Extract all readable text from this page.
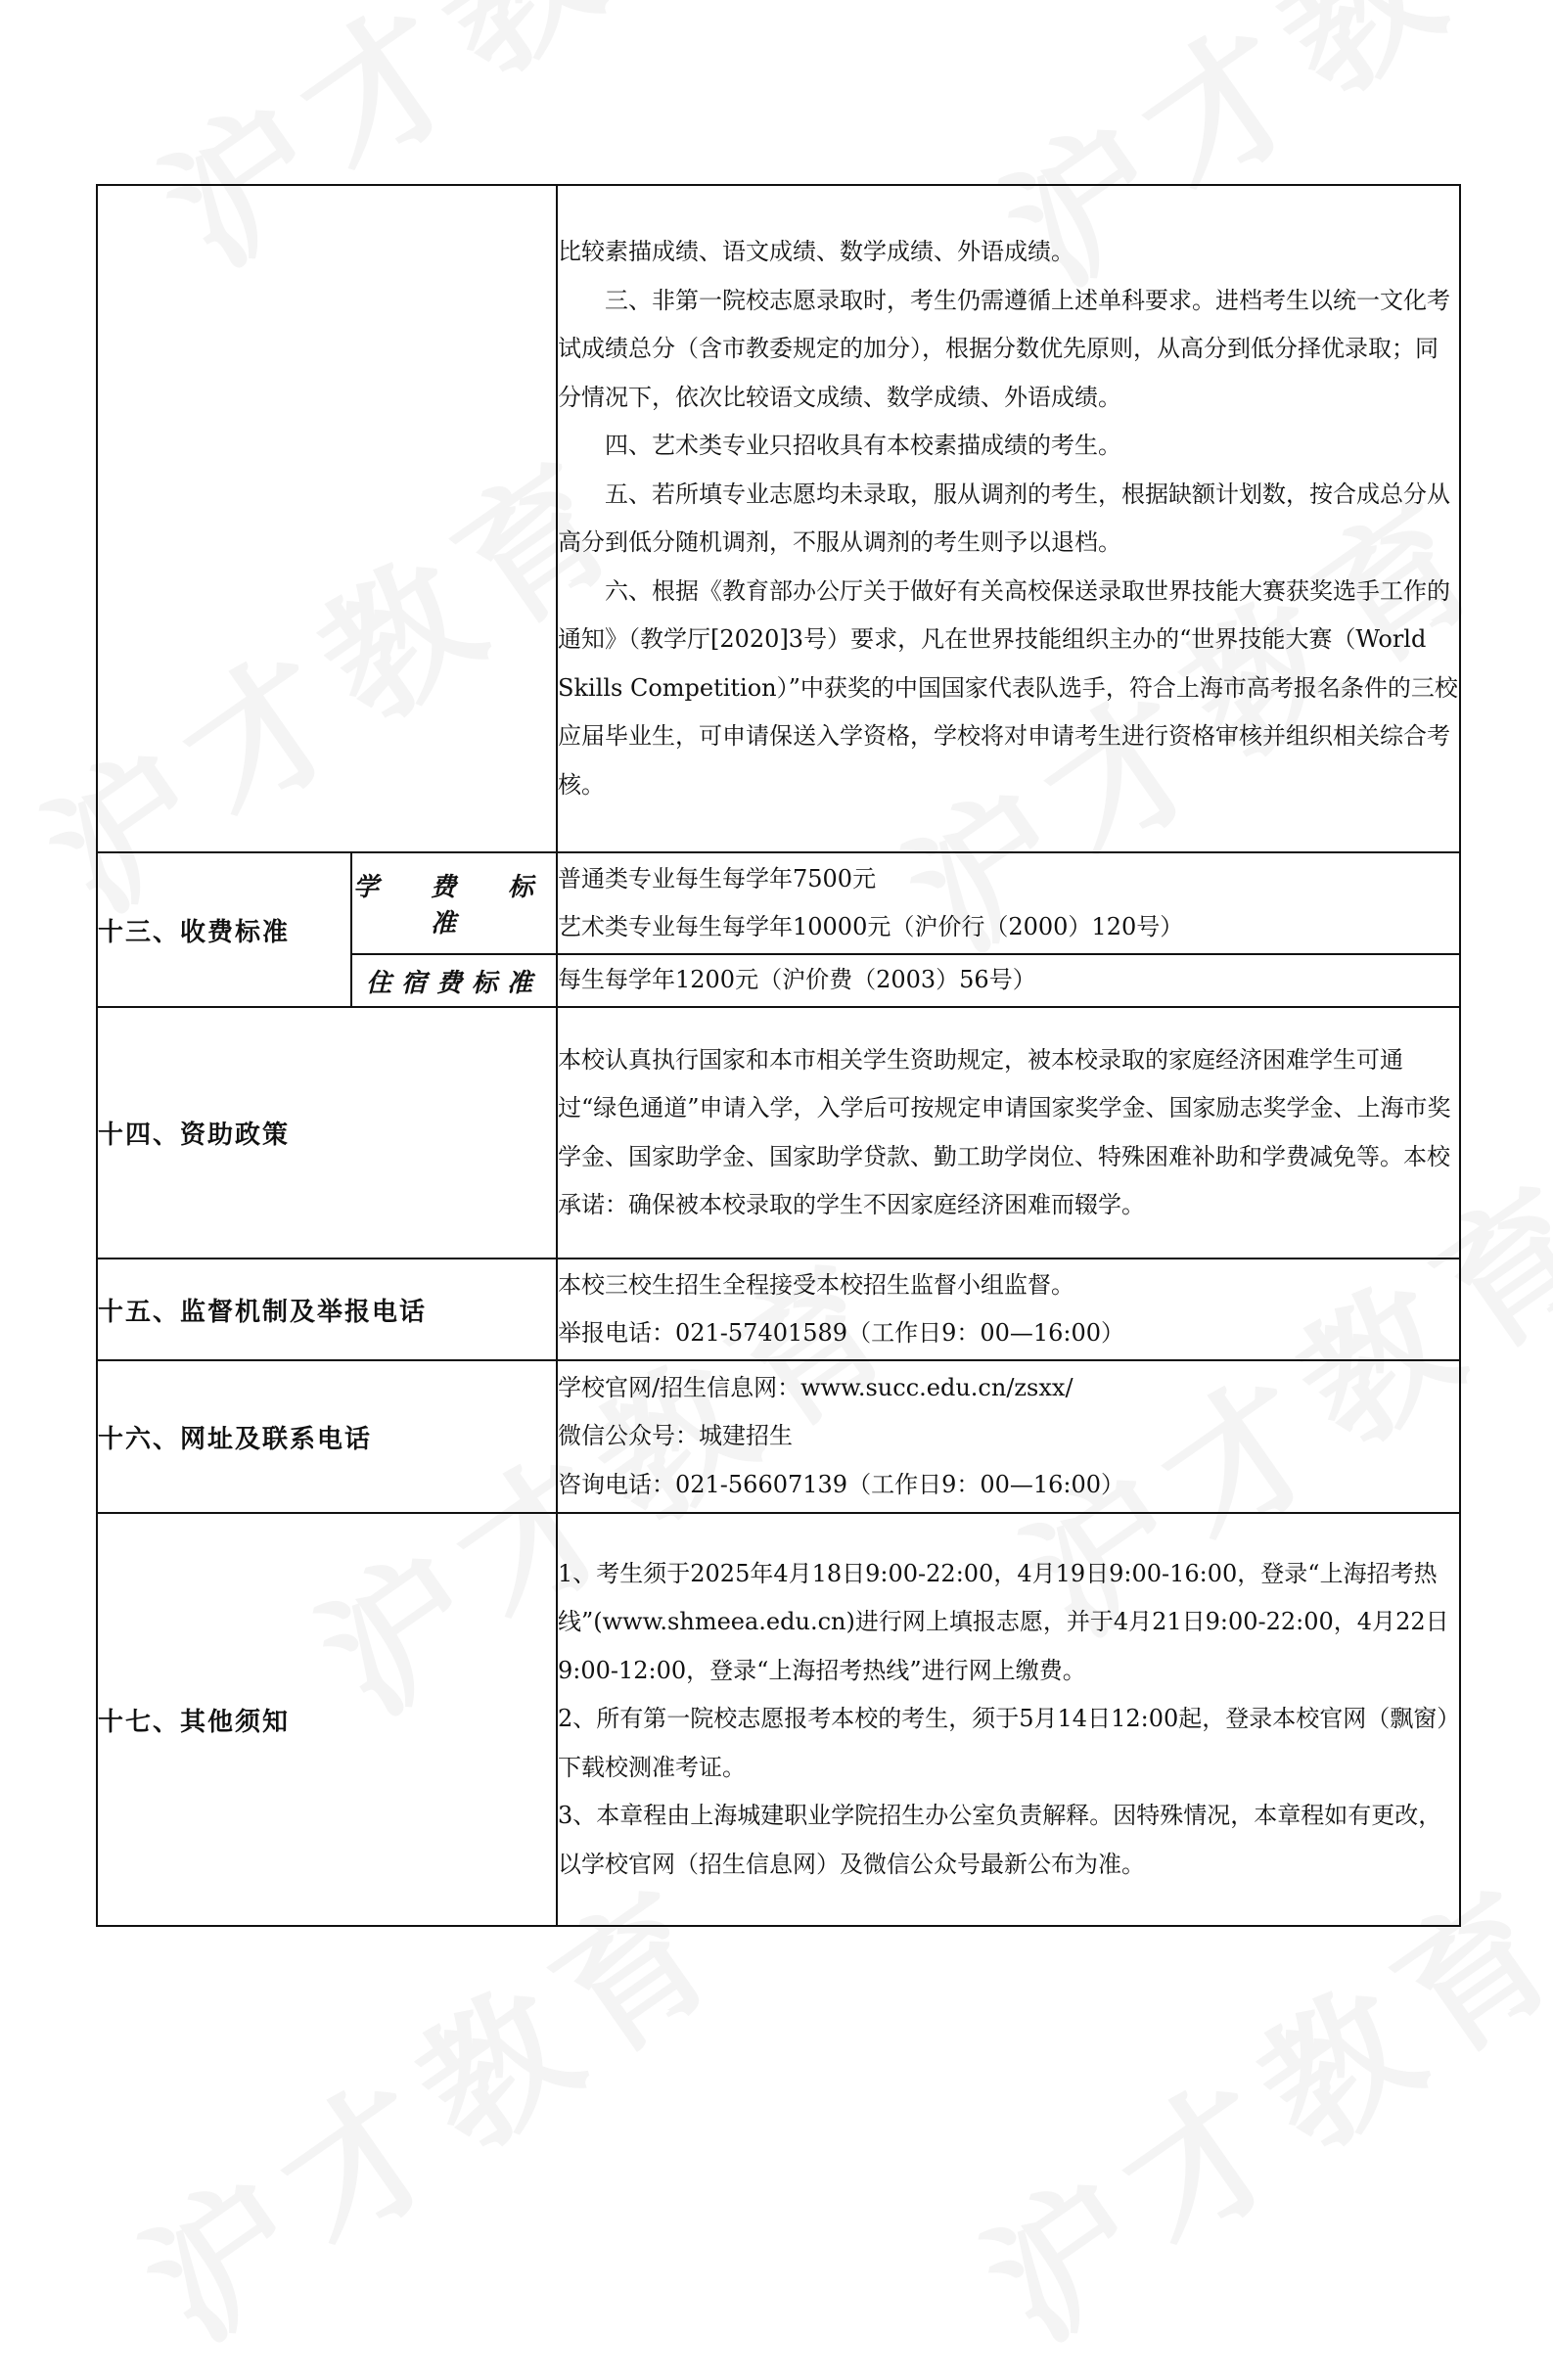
		比较素描成绩、语文成绩、数学成绩、外语成绩。

三、非第一院校志愿录取时，考生仍需遵循上述单科要求。进档考生以统一文化考试成绩总分（含市教委规定的加分），根据分数优先原则，从高分到低分择优录取；同分情况下，依次比较语文成绩、数学成绩、外语成绩。

四、艺术类专业只招收具有本校素描成绩的考生。

五、若所填专业志愿均未录取，服从调剂的考生，根据缺额计划数，按合成总分从高分到低分随机调剂，不服从调剂的考生则予以退档。

六、根据《教育部办公厅关于做好有关高校保送录取世界技能大赛获奖选手工作的通知》（教学厅[2020]3号）要求，凡在世界技能组织主办的“世界技能大赛（World Skills Competition）”中获奖的中国国家代表队选手，符合上海市高考报名条件的三校应届毕业生，可申请保送入学资格，学校将对申请考生进行资格审核并组织相关综合考核。

十三、收费标准	学 费 标 准	普通类专业每生每学年7500元

艺术类专业每生每学年10000元（沪价行（2000）120号）

	住宿费标准	每生每学年1200元（沪价费（2003）56号）

十四、资助政策		本校认真执行国家和本市相关学生资助规定，被本校录取的家庭经济困难学生可通过“绿色通道”申请入学，入学后可按规定申请国家奖学金、国家励志奖学金、上海市奖学金、国家助学金、国家助学贷款、勤工助学岗位、特殊困难补助和学费减免等。本校承诺：确保被本校录取的学生不因家庭经济困难而辍学。

十五、监督机制及举报电话		本校三校生招生全程接受本校招生监督小组监督。

举报电话：021-57401589（工作日9：00—16:00）

十六、网址及联系电话		学校官网/招生信息网：www.succ.edu.cn/zsxx/

微信公众号：城建招生

咨询电话：021-56607139（工作日9：00—16:00）

十七、其他须知		1、考生须于2025年4月18日9:00-22:00，4月19日9:00-16:00，登录“上海招考热线”(www.shmeea.edu.cn)进行网上填报志愿，并于4月21日9:00-22:00，4月22日9:00-12:00，登录“上海招考热线”进行网上缴费。

2、所有第一院校志愿报考本校的考生，须于5月14日12:00起，登录本校官网（飘窗）下载校测准考证。

3、本章程由上海城建职业学院招生办公室负责解释。因特殊情况，本章程如有更改，以学校官网（招生信息网）及微信公众号最新公布为准。
